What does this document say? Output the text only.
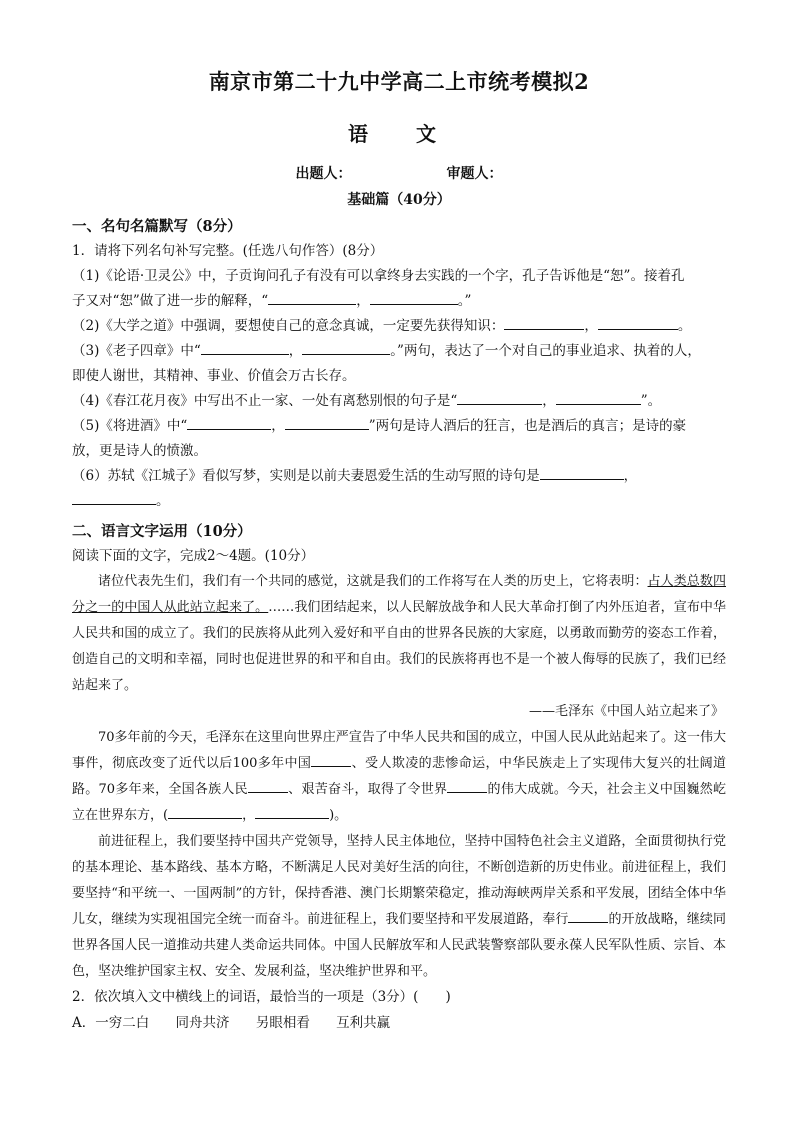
南京市第二十九中学高二上市统考模拟2
语　文
出题人：	审题人：
基础篇（40分）
一、名句名篇默写（8分）

1．请将下列名句补写完整。(任选八句作答）(8分）

（1)《论语·卫灵公》中，子贡询问孔子有没有可以拿终身去实践的一个字，孔子告诉他是“恕”。接着孔

子又对“恕”做了进一步的解释，“	，	。”

（2)《大学之道》中强调，要想使自己的意念真诚，一定要先获得知识：	，	。

（3)《老子四章》中“	，	。”两句，表达了一个对自己的事业追求、执着的人，

即使人谢世，其精神、事业、价值会万古长存。

（4)《春江花月夜》中写出不止一家、一处有离愁别恨的句子是“	，	”。

（5)《将进酒》中“	，	”两句是诗人酒后的狂言，也是酒后的真言；是诗的豪

放，更是诗人的愤激。

（6）苏轼《江城子》看似写梦，实则是以前夫妻恩爱生活的生动写照的诗句是	，

。

二、语言文字运用（10分）

阅读下面的文字，完成2～4题。(10分）

诸位代表先生们，我们有一个共同的感觉，这就是我们的工作将写在人类的历史上，它将表明：占人类总数四分之一的中国人从此站立起来了。……我们团结起来，以人民解放战争和人民大革命打倒了内外压迫者，宣布中华人民共和国的成立了。我们的民族将从此列入爱好和平自由的世界各民族的大家庭，以勇敢而勤劳的姿态工作着，创造自己的文明和幸福，同时也促进世界的和平和自由。我们的民族将再也不是一个被人侮辱的民族了，我们已经站起来了。

——毛泽东《中国人站立起来了》

70多年前的今天，毛泽东在这里向世界庄严宣告了中华人民共和国的成立，中国人民从此站起来了。这一伟大事件，彻底改变了近代以后100多年中国	、受人欺凌的悲惨命运，中华民族走上了实现伟大复兴的壮阔道路。70多年来，全国各族人民	、艰苦奋斗，取得了令世界	的伟大成就。今天，社会主义中国巍然屹立在世界东方，(	，	)。

前进征程上，我们要坚持中国共产党领导，坚持人民主体地位，坚持中国特色社会主义道路，全面贯彻执行党的基本理论、基本路线、基本方略，不断满足人民对美好生活的向往，不断创造新的历史伟业。前进征程上，我们要坚持“和平统一、一国两制”的方针，保持香港、澳门长期繁荣稳定，推动海峡两岸关系和平发展，团结全体中华儿女，继续为实现祖国完全统一而奋斗。前进征程上，我们要坚持和平发展道路，奉行	的开放战略，继续同世界各国人民一道推动共建人类命运共同体。中国人民解放军和人民武装警察部队要永葆人民军队性质、宗旨、本色，坚决维护国家主权、安全、发展利益，坚决维护世界和平。

2．依次填入文中横线上的词语，最恰当的一项是（3分）(　　)

A．一穷二白 同舟共济 另眼相看 互利共赢
